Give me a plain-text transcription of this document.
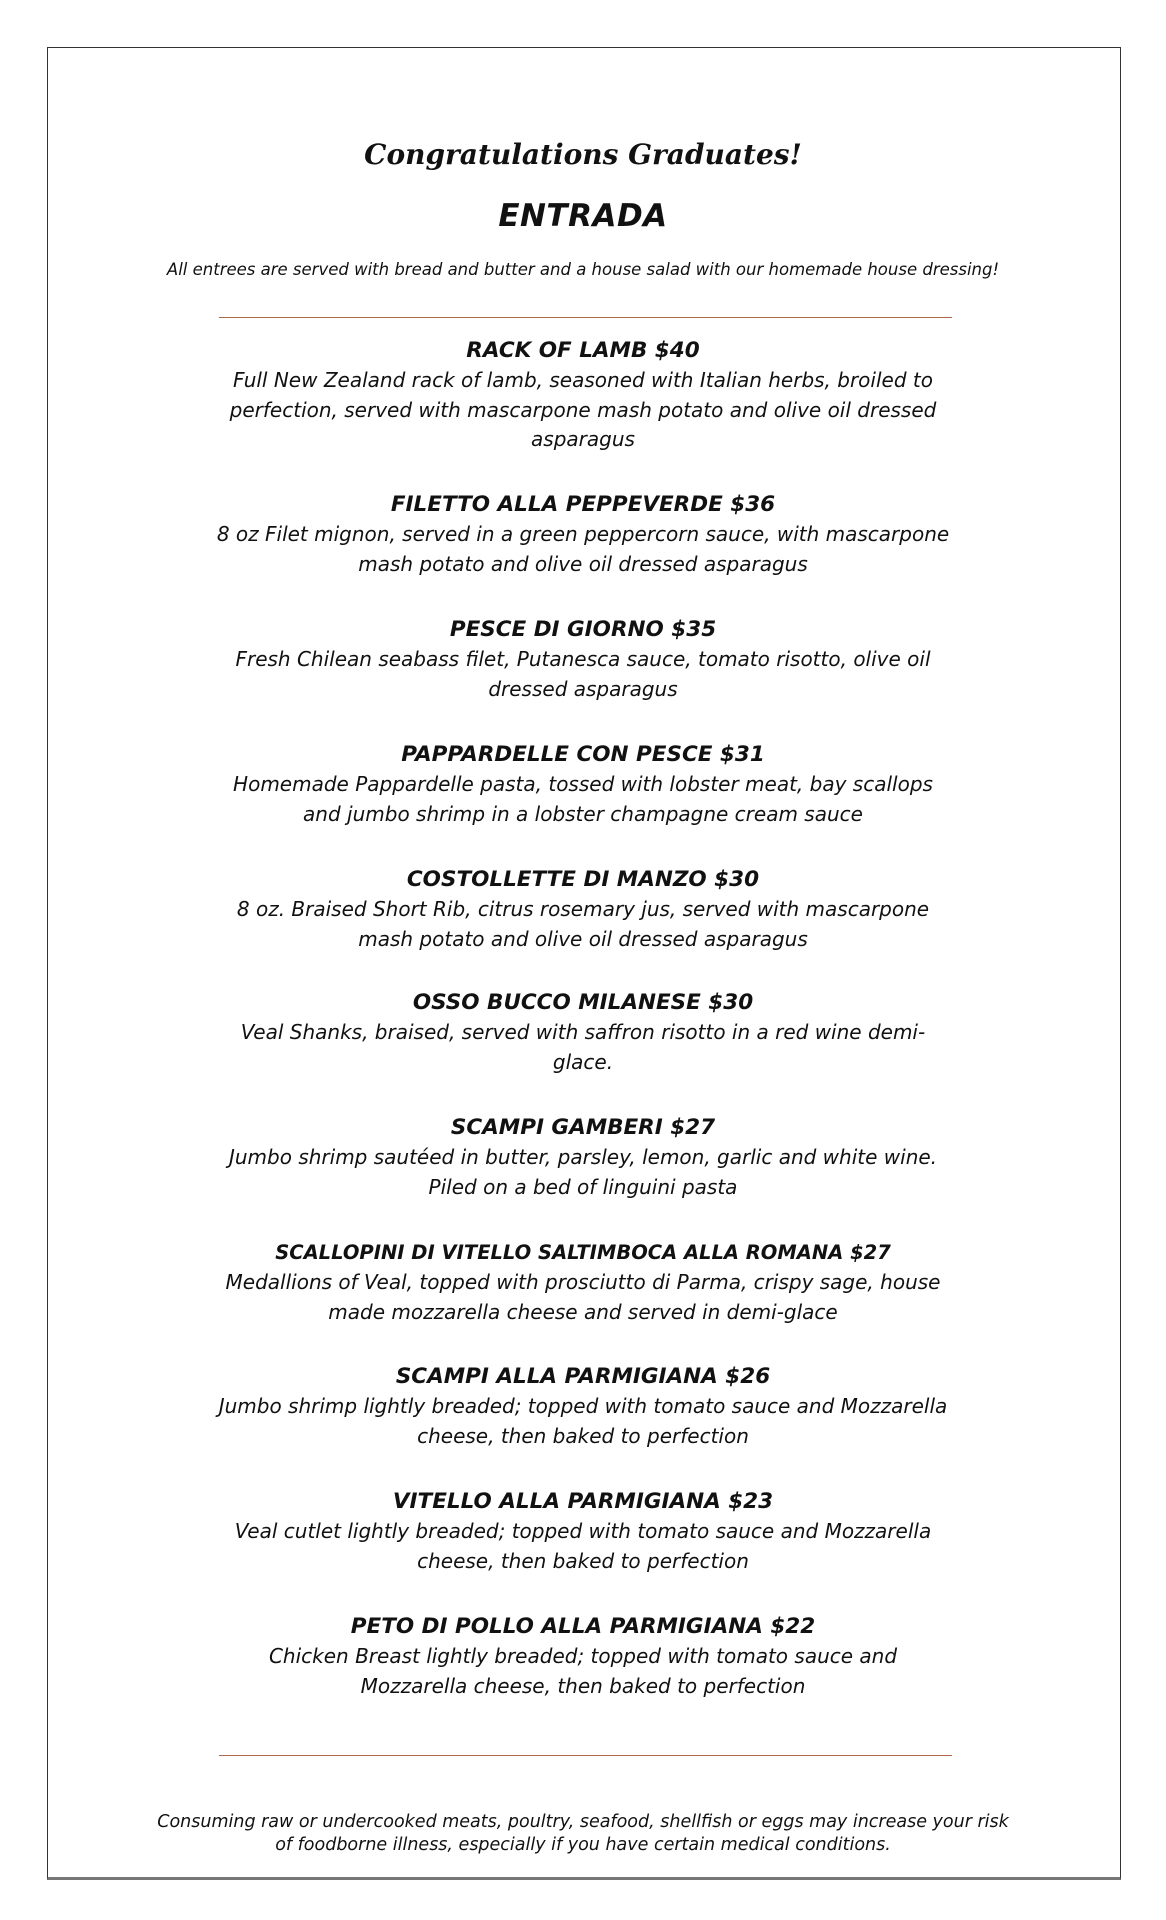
Congratulations Graduates!
ENTRADA

All entrees are served with bread and butter and a house salad with our homemade house dressing!

RACK OF LAMB $40

Full New Zealand rack of lamb, seasoned with Italian herbs, broiled to perfection, served with mascarpone mash potato and olive oil dressed asparagus

FILETTO ALLA PEPPEVERDE $36

8 oz Filet mignon, served in a green peppercorn sauce, with mascarpone mash potato and olive oil dressed asparagus

PESCE DI GIORNO $35

Fresh Chilean seabass filet, Putanesca sauce, tomato risotto, olive oil dressed asparagus

PAPPARDELLE CON PESCE $31

Homemade Pappardelle pasta, tossed with lobster meat, bay scallops and jumbo shrimp in a lobster champagne cream sauce

COSTOLLETTE DI MANZO $30

8 oz. Braised Short Rib, citrus rosemary jus, served with mascarpone mash potato and olive oil dressed asparagus

OSSO BUCCO MILANESE $30

Veal Shanks, braised, served with saffron risotto in a red wine demi-glace.

SCAMPI GAMBERI $27

Jumbo shrimp sautéed in butter, parsley, lemon, garlic and white wine. Piled on a bed of linguini pasta

SCALLOPINI DI VITELLO SALTIMBOCA ALLA ROMANA $27

Medallions of Veal, topped with prosciutto di Parma, crispy sage, house made mozzarella cheese and served in demi-glace

SCAMPI ALLA PARMIGIANA $26

Jumbo shrimp lightly breaded; topped with tomato sauce and Mozzarella cheese, then baked to perfection

VITELLO ALLA PARMIGIANA $23

Veal cutlet lightly breaded; topped with tomato sauce and Mozzarella cheese, then baked to perfection

PETO DI POLLO ALLA PARMIGIANA $22

Chicken Breast lightly breaded; topped with tomato sauce and Mozzarella cheese, then baked to perfection

Consuming raw or undercooked meats, poultry, seafood, shellfish or eggs may increase your risk of foodborne illness, especially if you have certain medical conditions.
